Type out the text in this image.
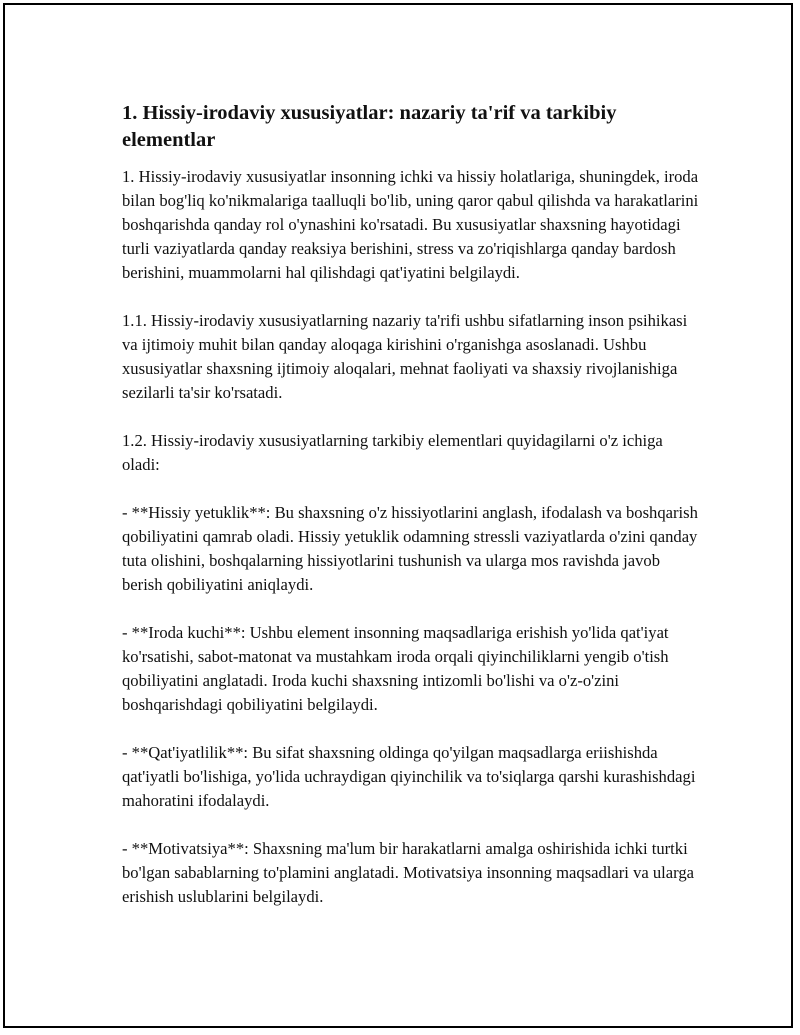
1. Hissiy-irodaviy xususiyatlar: nazariy ta'rif va tarkibiy elementlar

1. Hissiy-irodaviy xususiyatlar insonning ichki va hissiy holatlariga, shuningdek, iroda bilan bog'liq ko'nikmalariga taalluqli bo'lib, uning qaror qabul qilishda va harakatlarini boshqarishda qanday rol o'ynashini ko'rsatadi. Bu xususiyatlar shaxsning hayotidagi turli vaziyatlarda qanday reaksiya berishini, stress va zo'riqishlarga qanday bardosh berishini, muammolarni hal qilishdagi qat'iyatini belgilaydi.

1.1. Hissiy-irodaviy xususiyatlarning nazariy ta'rifi ushbu sifatlarning inson psihikasi va ijtimoiy muhit bilan qanday aloqaga kirishini o'rganishga asoslanadi. Ushbu xususiyatlar shaxsning ijtimoiy aloqalari, mehnat faoliyati va shaxsiy rivojlanishiga sezilarli ta'sir ko'rsatadi.

1.2. Hissiy-irodaviy xususiyatlarning tarkibiy elementlari quyidagilarni o'z ichiga oladi:

- **Hissiy yetuklik**: Bu shaxsning o'z hissiyotlarini anglash, ifodalash va boshqarish qobiliyatini qamrab oladi. Hissiy yetuklik odamning stressli vaziyatlarda o'zini qanday tuta olishini, boshqalarning hissiyotlarini tushunish va ularga mos ravishda javob berish qobiliyatini aniqlaydi.

- **Iroda kuchi**: Ushbu element insonning maqsadlariga erishish yo'lida qat'iyat ko'rsatishi, sabot-matonat va mustahkam iroda orqali qiyinchiliklarni yengib o'tish qobiliyatini anglatadi. Iroda kuchi shaxsning intizomli bo'lishi va o'z-o'zini boshqarishdagi qobiliyatini belgilaydi.

- **Qat'iyatlilik**: Bu sifat shaxsning oldinga qo'yilgan maqsadlarga eriishishda qat'iyatli bo'lishiga, yo'lida uchraydigan qiyinchilik va to'siqlarga qarshi kurashishdagi mahoratini ifodalaydi.

- **Motivatsiya**: Shaxsning ma'lum bir harakatlarni amalga oshirishida ichki turtki bo'lgan sabablarning to'plamini anglatadi. Motivatsiya insonning maqsadlari va ularga erishish uslublarini belgilaydi.
